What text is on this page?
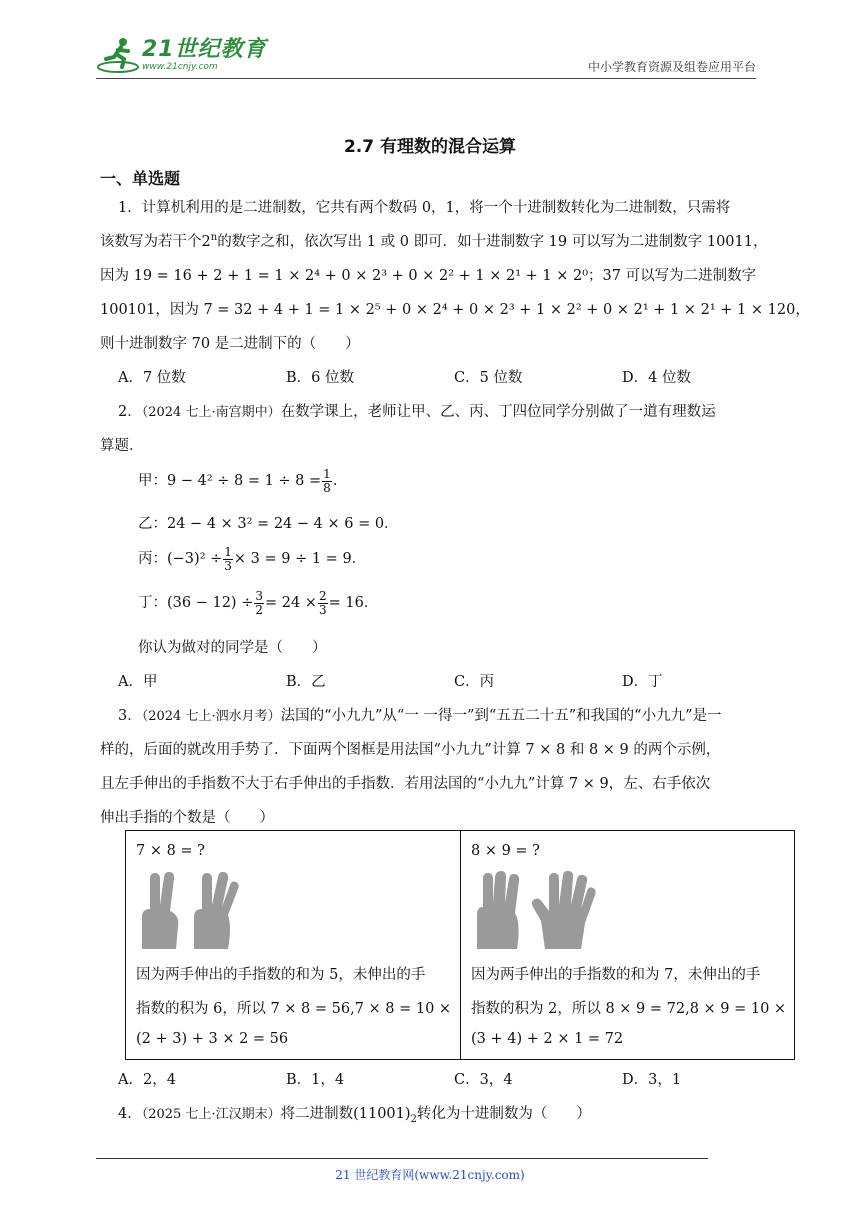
21世纪教育
www.21cnjy.com	中小学教育资源及组卷应用平台
2.7 有理数的混合运算
一、单选题
1．计算机利用的是二进制数，它共有两个数码 0，1，将一个十进制数转化为二进制数，只需将
该数写为若干个2$^n$的数字之和，依次写出 1 或 0 即可．如十进制数字 19 可以写为二进制数字 10011，
因为 19 = 16 + 2 + 1 = 1 × 2⁴ + 0 × 2³ + 0 × 2² + 1 × 2¹ + 1 × 2⁰；37 可以写为二进制数字
100101，因为 7 = 32 + 4 + 1 = 1 × 2⁵ + 0 × 2⁴ + 0 × 2³ + 1 × 2² + 0 × 2¹ + 1 × 2¹ + 1 × 120，
则十进制数字 70 是二进制下的（　　）
A．7 位数	B．6 位数	C．5 位数	D．4 位数
2．（2024 七上·南宫期中）在数学课上，老师让甲、乙、丙、丁四位同学分别做了一道有理数运
算题．
甲：$9 - 4^2 \div 8 = 1 \div 8 = \frac{1}{8}$ .
乙：24 − 4 × 3² = 24 − 4 × 6 = 0．
丙：$(-3)^2 \div \frac{1}{3} \times 3 = 9 \div 1 = 9$．
丁：$(36 - 12) \div \frac{3}{2} = 24 \times \frac{2}{3} = 16$．
你认为做对的同学是（　　）
A．甲	B．乙	C．丙	D．丁
3．（2024 七上·泗水月考）法国的“小九九”从“一 一得一”到“五五二十五”和我国的“小九九”是一
样的，后面的就改用手势了．下面两个图框是用法国“小九九”计算 7 × 8 和 8 × 9 的两个示例，
且左手伸出的手指数不大于右手伸出的手指数．若用法国的“小九九”计算 7 × 9，左、右手依次
伸出手指的个数是（　　）
7 × 8 = ?
因为两手伸出的手指数的和为 5，未伸出的手
指数的积为 6，所以 7 × 8 = 56,7 × 8 = 10 ×
(2 + 3) + 3 × 2 = 56
8 × 9 = ?
因为两手伸出的手指数的和为 7，未伸出的手
指数的积为 2，所以 8 × 9 = 72,8 × 9 = 10 ×
(3 + 4) + 2 × 1 = 72
A．2，4	B．1，4	C．3，4	D．3，1
4．（2025 七上·江汉期末）将二进制数$(11001)_2$转化为十进制数为（　　）
21 世纪教育网(www.21cnjy.com)
